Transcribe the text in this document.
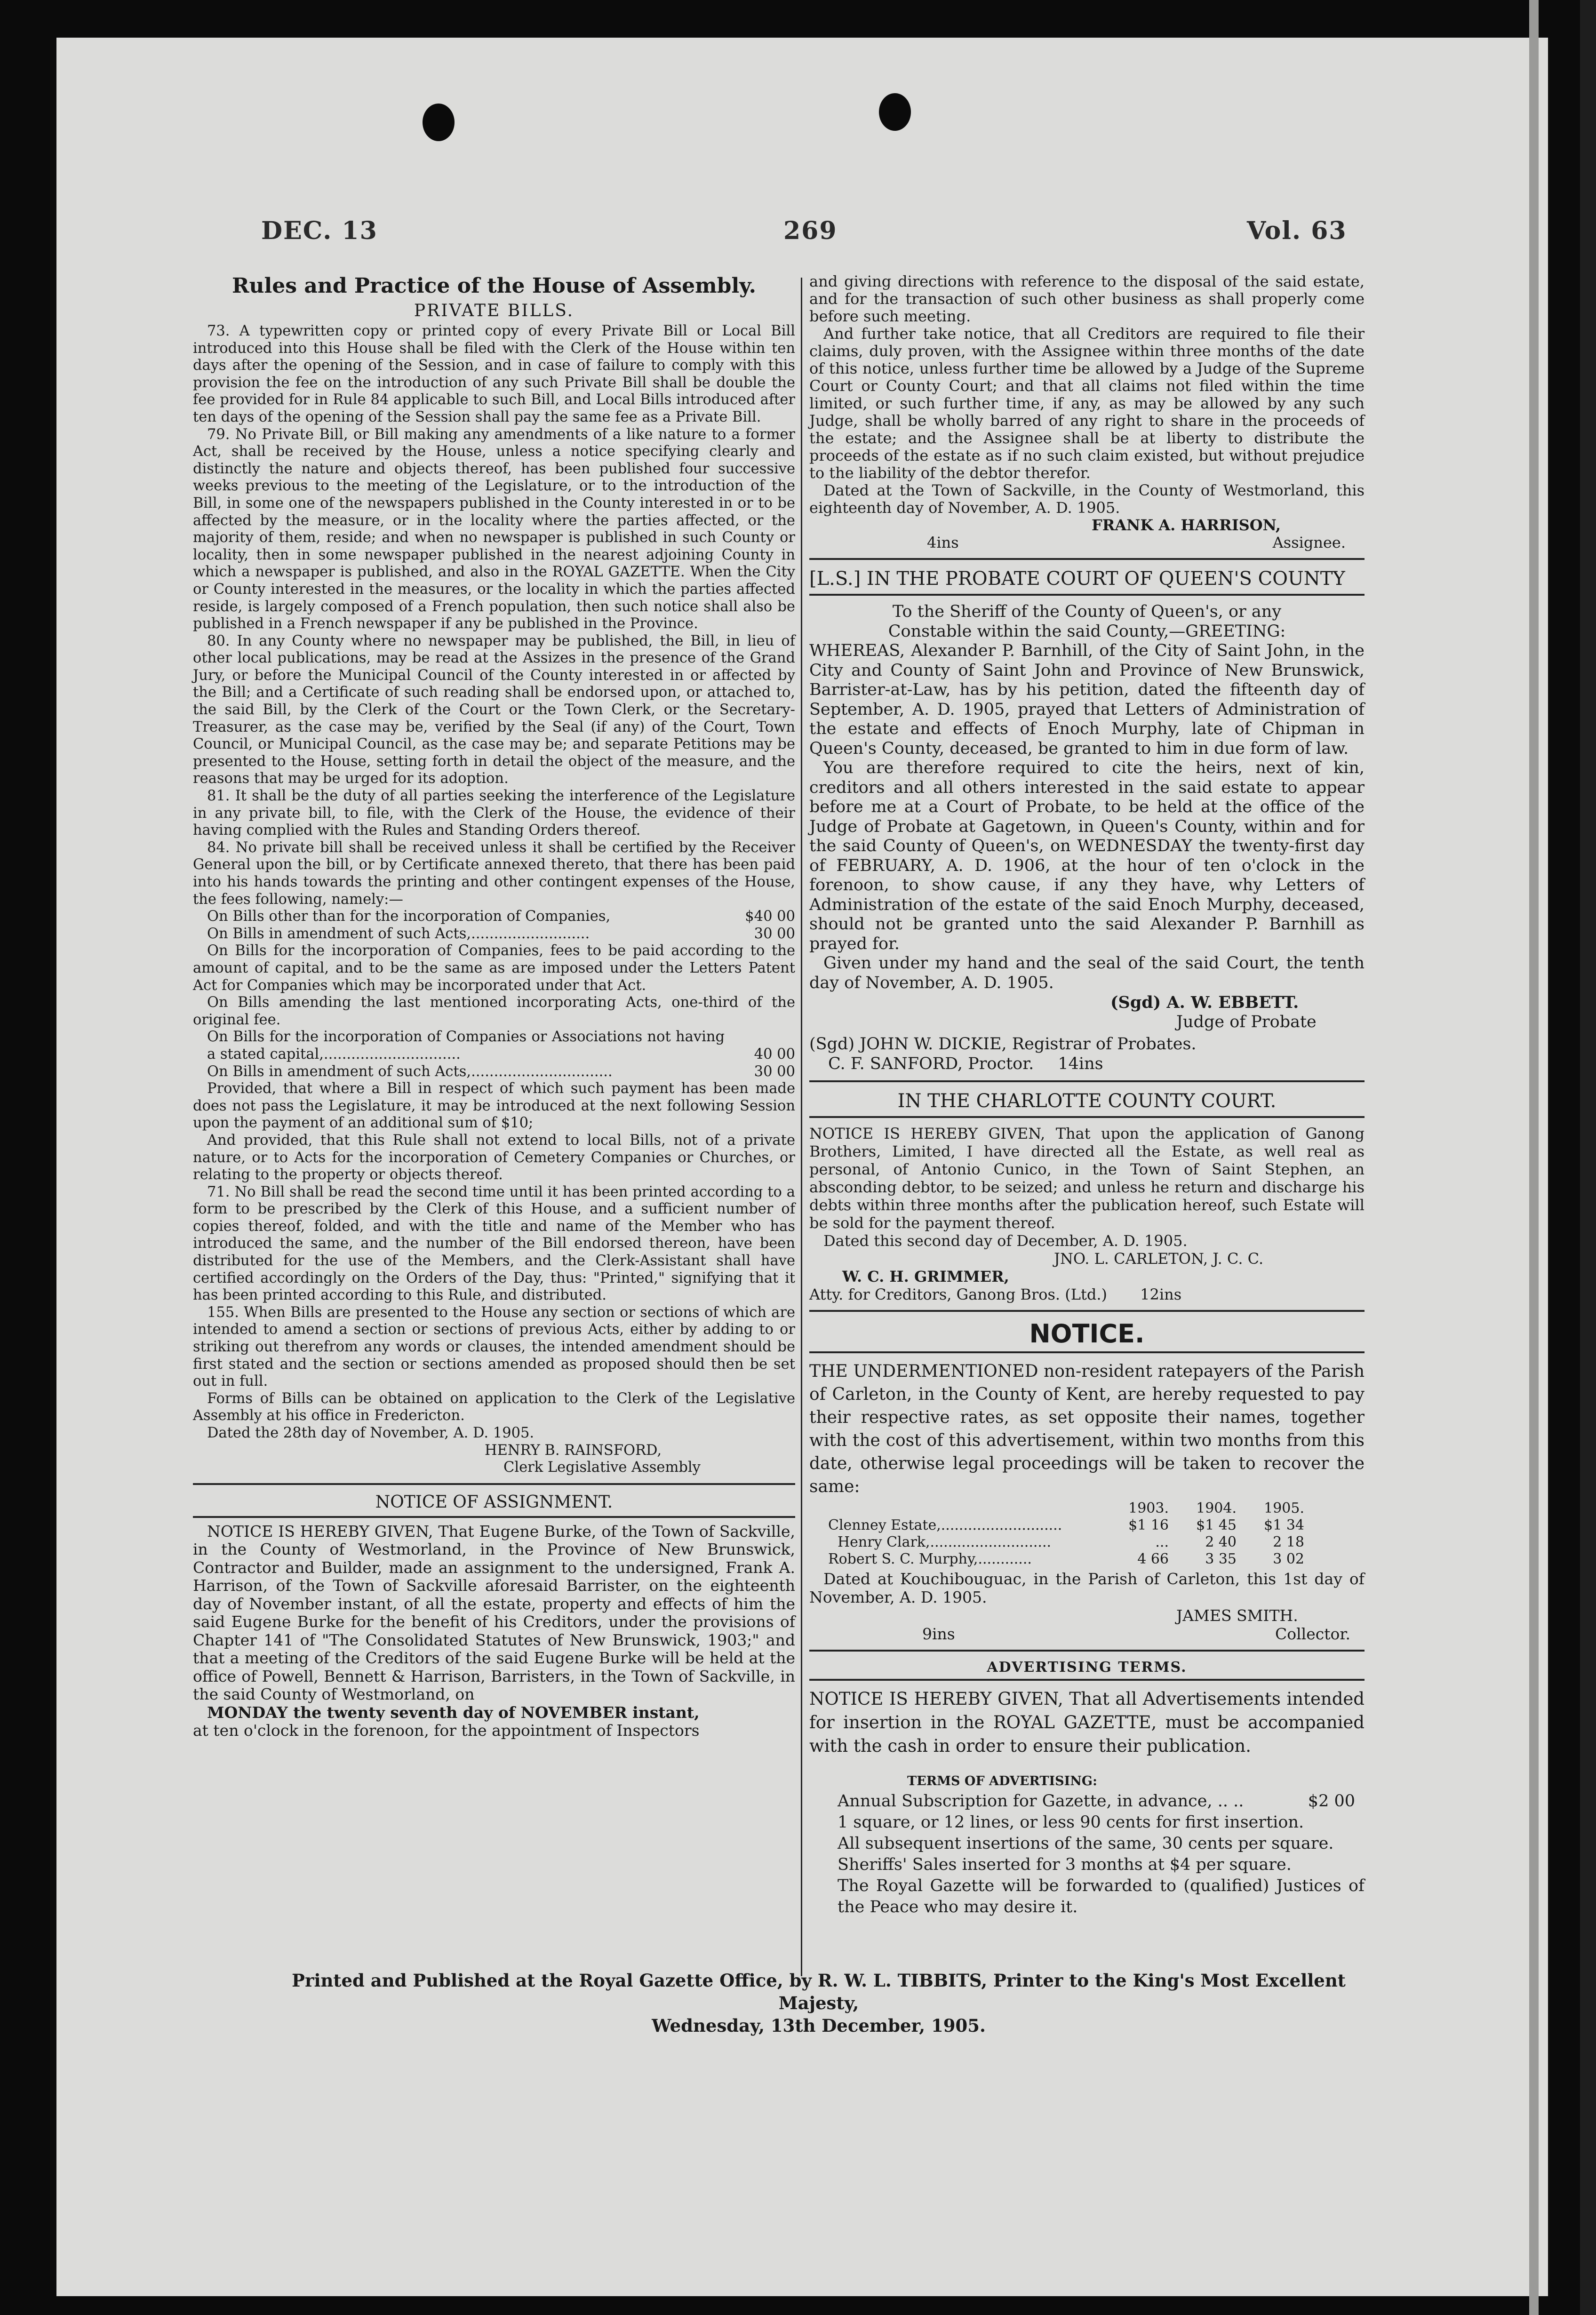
DEC. 13	269	Vol. 63
Rules and Practice of the House of Assembly.
PRIVATE BILLS.

73. A typewritten copy or printed copy of every Private Bill or Local Bill introduced into this House shall be filed with the Clerk of the House within ten days after the opening of the Session, and in case of failure to comply with this provision the fee on the introduction of any such Private Bill shall be double the fee provided for in Rule 84 applicable to such Bill, and Local Bills introduced after ten days of the opening of the Session shall pay the same fee as a Private Bill.

79. No Private Bill, or Bill making any amendments of a like nature to a former Act, shall be received by the House, unless a notice specifying clearly and distinctly the nature and objects thereof, has been published four successive weeks previous to the meeting of the Legislature, or to the introduction of the Bill, in some one of the newspapers published in the County interested in or to be affected by the measure, or in the locality where the parties affected, or the majority of them, reside; and when no newspaper is published in such County or locality, then in some newspaper published in the nearest adjoining County in which a newspaper is published, and also in the ROYAL GAZETTE. When the City or County interested in the measures, or the locality in which the parties affected reside, is largely composed of a French population, then such notice shall also be published in a French newspaper if any be published in the Province.

80. In any County where no newspaper may be published, the Bill, in lieu of other local publications, may be read at the Assizes in the presence of the Grand Jury, or before the Municipal Council of the County interested in or affected by the Bill; and a Certificate of such reading shall be endorsed upon, or attached to, the said Bill, by the Clerk of the Court or the Town Clerk, or the Secretary-Treasurer, as the case may be, verified by the Seal (if any) of the Court, Town Council, or Municipal Council, as the case may be; and separate Petitions may be presented to the House, setting forth in detail the object of the measure, and the reasons that may be urged for its adoption.

81. It shall be the duty of all parties seeking the interference of the Legislature in any private bill, to file, with the Clerk of the House, the evidence of their having complied with the Rules and Standing Orders thereof.

84. No private bill shall be received unless it shall be certified by the Receiver General upon the bill, or by Certificate annexed thereto, that there has been paid into his hands towards the printing and other contingent expenses of the House, the fees following, namely:—

On Bills other than for the incorporation of Companies,	$40 00
On Bills in amendment of such Acts,..........................	30 00

On Bills for the incorporation of Companies, fees to be paid according to the amount of capital, and to be the same as are imposed under the Letters Patent Act for Companies which may be incorporated under that Act.

On Bills amending the last mentioned incorporating Acts, one-third of the original fee.

On Bills for the incorporation of Companies or Associations not having a stated capital,..............................	40 00
On Bills in amendment of such Acts,...............................	30 00

Provided, that where a Bill in respect of which such payment has been made does not pass the Legislature, it may be introduced at the next following Session upon the payment of an additional sum of $10;

And provided, that this Rule shall not extend to local Bills, not of a private nature, or to Acts for the incorporation of Cemetery Companies or Churches, or relating to the property or objects thereof.

71. No Bill shall be read the second time until it has been printed according to a form to be prescribed by the Clerk of this House, and a sufficient number of copies thereof, folded, and with the title and name of the Member who has introduced the same, and the number of the Bill endorsed thereon, have been distributed for the use of the Members, and the Clerk-Assistant shall have certified accordingly on the Orders of the Day, thus: "Printed," signifying that it has been printed according to this Rule, and distributed.

155. When Bills are presented to the House any section or sections of which are intended to amend a section or sections of previous Acts, either by adding to or striking out therefrom any words or clauses, the intended amendment should be first stated and the section or sections amended as proposed should then be set out in full.

Forms of Bills can be obtained on application to the Clerk of the Legislative Assembly at his office in Fredericton.

Dated the 28th day of November, A. D. 1905.

HENRY B. RAINSFORD,
Clerk Legislative Assembly
NOTICE OF ASSIGNMENT.

NOTICE IS HEREBY GIVEN, That Eugene Burke, of the Town of Sackville, in the County of Westmorland, in the Province of New Brunswick, Contractor and Builder, made an assignment to the undersigned, Frank A. Harrison, of the Town of Sackville aforesaid Barrister, on the eighteenth day of November instant, of all the estate, property and effects of him the said Eugene Burke for the benefit of his Creditors, under the provisions of Chapter 141 of "The Consolidated Statutes of New Brunswick, 1903;" and that a meeting of the Creditors of the said Eugene Burke will be held at the office of Powell, Bennett & Harrison, Barristers, in the Town of Sackville, in the said County of Westmorland, on

MONDAY the twenty seventh day of NOVEMBER instant,

at ten o'clock in the forenoon, for the appointment of Inspectors

and giving directions with reference to the disposal of the said estate, and for the transaction of such other business as shall properly come before such meeting.

And further take notice, that all Creditors are required to file their claims, duly proven, with the Assignee within three months of the date of this notice, unless further time be allowed by a Judge of the Supreme Court or County Court; and that all claims not filed within the time limited, or such further time, if any, as may be allowed by any such Judge, shall be wholly barred of any right to share in the proceeds of the estate; and the Assignee shall be at liberty to distribute the proceeds of the estate as if no such claim existed, but without prejudice to the liability of the debtor therefor.

Dated at the Town of Sackville, in the County of Westmorland, this eighteenth day of November, A. D. 1905.

FRANK A. HARRISON,
4ins	Assignee.
[L.S.] IN THE PROBATE COURT OF QUEEN'S COUNTY

To the Sheriff of the County of Queen's, or any Constable within the said County,—GREETING:

WHEREAS, Alexander P. Barnhill, of the City of Saint John, in the City and County of Saint John and Province of New Brunswick, Barrister-at-Law, has by his petition, dated the fifteenth day of September, A. D. 1905, prayed that Letters of Administration of the estate and effects of Enoch Murphy, late of Chipman in Queen's County, deceased, be granted to him in due form of law.

You are therefore required to cite the heirs, next of kin, creditors and all others interested in the said estate to appear before me at a Court of Probate, to be held at the office of the Judge of Probate at Gagetown, in Queen's County, within and for the said County of Queen's, on WEDNESDAY the twenty-first day of FEBRUARY, A. D. 1906, at the hour of ten o'clock in the forenoon, to show cause, if any they have, why Letters of Administration of the estate of the said Enoch Murphy, deceased, should not be granted unto the said Alexander P. Barnhill as prayed for.

Given under my hand and the seal of the said Court, the tenth day of November, A. D. 1905.

(Sgd) A. W. EBBETT.
Judge of Probate
(Sgd) JOHN W. DICKIE, Registrar of Probates.
C. F. SANFORD, Proctor. 14ins
IN THE CHARLOTTE COUNTY COURT.

NOTICE IS HEREBY GIVEN, That upon the application of Ganong Brothers, Limited, I have directed all the Estate, as well real as personal, of Antonio Cunico, in the Town of Saint Stephen, an absconding debtor, to be seized; and unless he return and discharge his debts within three months after the publication hereof, such Estate will be sold for the payment thereof.

Dated this second day of December, A. D. 1905.

JNO. L. CARLETON, J. C. C.
W. C. H. GRIMMER,
Atty. for Creditors, Ganong Bros. (Ltd.) 12ins
NOTICE.

THE UNDERMENTIONED non-resident ratepayers of the Parish of Carleton, in the County of Kent, are hereby requested to pay their respective rates, as set opposite their names, together with the cost of this advertisement, within two months from this date, otherwise legal proceedings will be taken to recover the same:

	1903.	1904.	1905.
Clenney Estate,...........................	$1 16	$1 45	$1 34
Henry Clark,...........................	...	2 40	2 18
Robert S. C. Murphy,............	4 66	3 35	3 02

Dated at Kouchibouguac, in the Parish of Carleton, this 1st day of November, A. D. 1905.

JAMES SMITH.
9ins	Collector.
ADVERTISING TERMS.

NOTICE IS HEREBY GIVEN, That all Advertisements intended for insertion in the ROYAL GAZETTE, must be accompanied with the cash in order to ensure their publication.

TERMS OF ADVERTISING:
Annual Subscription for Gazette, in advance, .. ..	$2 00
1 square, or 12 lines, or less 90 cents for first insertion.
All subsequent insertions of the same, 30 cents per square.
Sheriffs' Sales inserted for 3 months at $4 per square.
The Royal Gazette will be forwarded to (qualified) Justices of the Peace who may desire it.
Printed and Published at the Royal Gazette Office, by R. W. L. TIBBITS, Printer to the King's Most Excellent Majesty,
Wednesday, 13th December, 1905.
